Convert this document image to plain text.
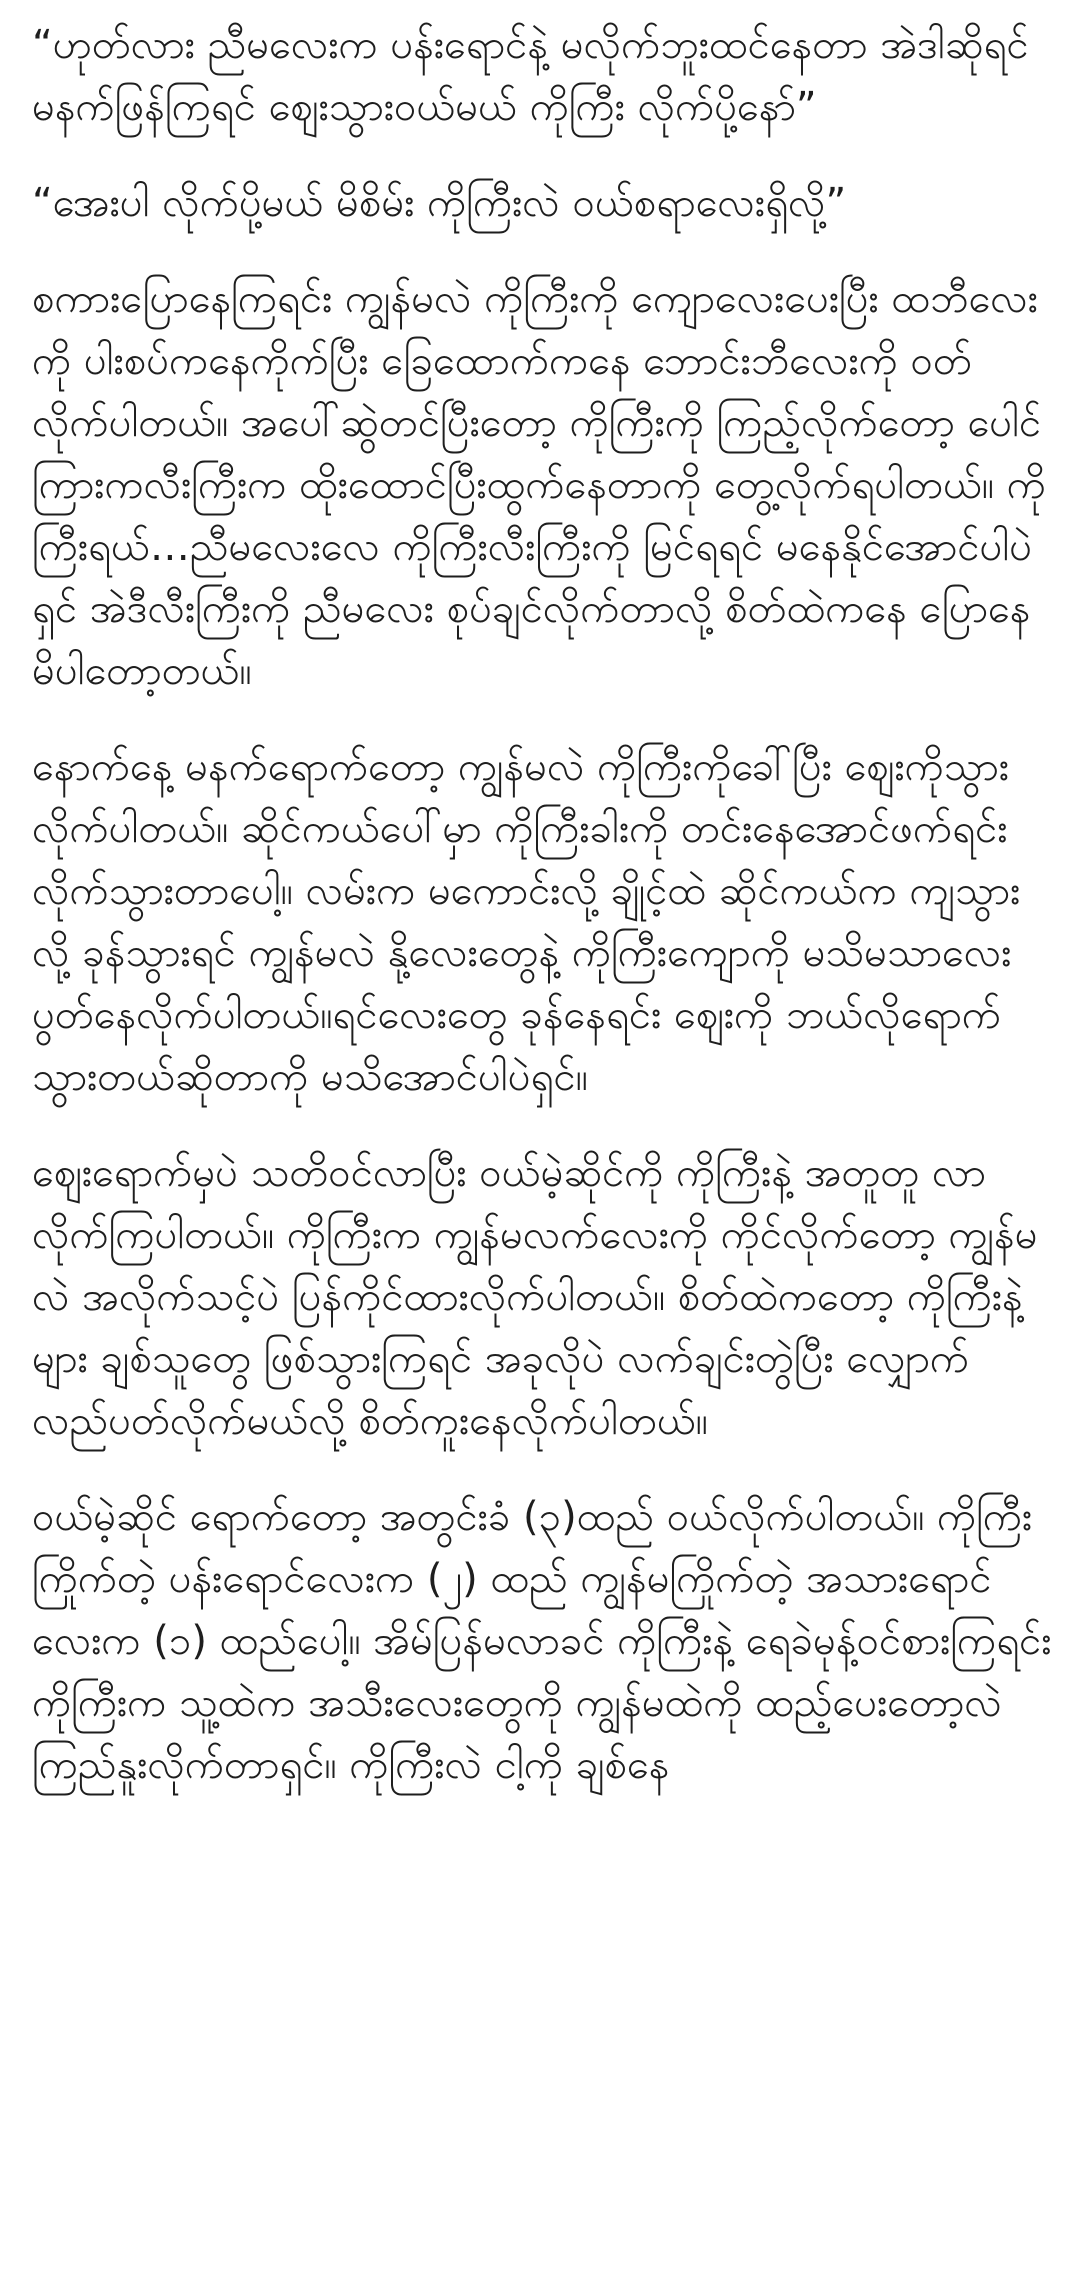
“ဟုတ်လား ညီမလေးက ပန်းရောင်နဲ့ မလိုက်ဘူးထင်နေတာ အဲဒါဆိုရင် မနက်ဖြန်ကြရင် ဈေးသွားဝယ်မယ် ကိုကြီး လိုက်ပို့နော်”

“အေးပါ လိုက်ပို့မယ် မိစိမ်း ကိုကြီးလဲ ဝယ်စရာလေးရှိလို့”

စကားပြောနေကြရင်း ကျွန်မလဲ ကိုကြီးကို ကျောလေးပေးပြီး ထဘီလေးကို ပါးစပ်ကနေကိုက်ပြီး ခြေထောက်ကနေ ဘောင်းဘီလေးကို ဝတ်လိုက်ပါတယ်။ အပေါ်ဆွဲတင်ပြီးတော့ ကိုကြီးကို ကြည့်လိုက်တော့ ပေါင်ကြားကလီးကြီးက ထိုးထောင်ပြီးထွက်နေတာကို တွေ့လိုက်ရပါတယ်။ ကိုကြီးရယ်…ညီမလေးလေ ကိုကြီးလီးကြီးကို မြင်ရရင် မနေနိုင်အောင်ပါပဲရှင် အဲဒီလီးကြီးကို ညီမလေး စုပ်ချင်လိုက်တာလို့ စိတ်ထဲကနေ ပြောနေမိပါတော့တယ်။

နောက်နေ့ မနက်ရောက်တော့ ကျွန်မလဲ ကိုကြီးကိုခေါ်ပြီး ဈေးကိုသွားလိုက်ပါတယ်။ ဆိုင်ကယ်ပေါ်မှာ ကိုကြီးခါးကို တင်းနေအောင်ဖက်ရင်း လိုက်သွားတာပေါ့။ လမ်းက မကောင်းလို့ ချိုင့်ထဲ ဆိုင်ကယ်က ကျသွားလို့ ခုန်သွားရင် ကျွန်မလဲ နို့လေးတွေနဲ့ ကိုကြီးကျောကို မသိမသာလေး ပွတ်နေလိုက်ပါတယ်။ရင်လေးတွေ ခုန်နေရင်း ဈေးကို ဘယ်လိုရောက်သွားတယ်ဆိုတာကို မသိအောင်ပါပဲရှင်။

ဈေးရောက်မှပဲ သတိဝင်လာပြီး ဝယ်မဲ့ဆိုင်ကို ကိုကြီးနဲ့ အတူတူ လာလိုက်ကြပါတယ်။ ကိုကြီးက ကျွန်မလက်လေးကို ကိုင်လိုက်တော့ ကျွန်မလဲ အလိုက်သင့်ပဲ ပြန်ကိုင်ထားလိုက်ပါတယ်။ စိတ်ထဲကတော့ ကိုကြီးနဲ့များ ချစ်သူတွေ ဖြစ်သွားကြရင် အခုလိုပဲ လက်ချင်းတွဲပြီး လျှောက်လည်ပတ်လိုက်မယ်လို့ စိတ်ကူးနေလိုက်ပါတယ်။

ဝယ်မဲ့ဆိုင် ရောက်တော့ အတွင်းခံ (၃)ထည် ဝယ်လိုက်ပါတယ်။ ကိုကြီးကြိုက်တဲ့ ပန်းရောင်လေးက (၂) ထည် ကျွန်မကြိုက်တဲ့ အသားရောင်လေးက (၁) ထည်ပေါ့။ အိမ်ပြန်မလာခင် ကိုကြီးနဲ့ ရေခဲမုန့်ဝင်စားကြရင်း ကိုကြီးက သူ့ထဲက အသီးလေးတွေကို ကျွန်မထဲကို ထည့်ပေးတော့လဲ ကြည်နူးလိုက်တာရှင်။ ကိုကြီးလဲ ငါ့ကို ချစ်နေ
